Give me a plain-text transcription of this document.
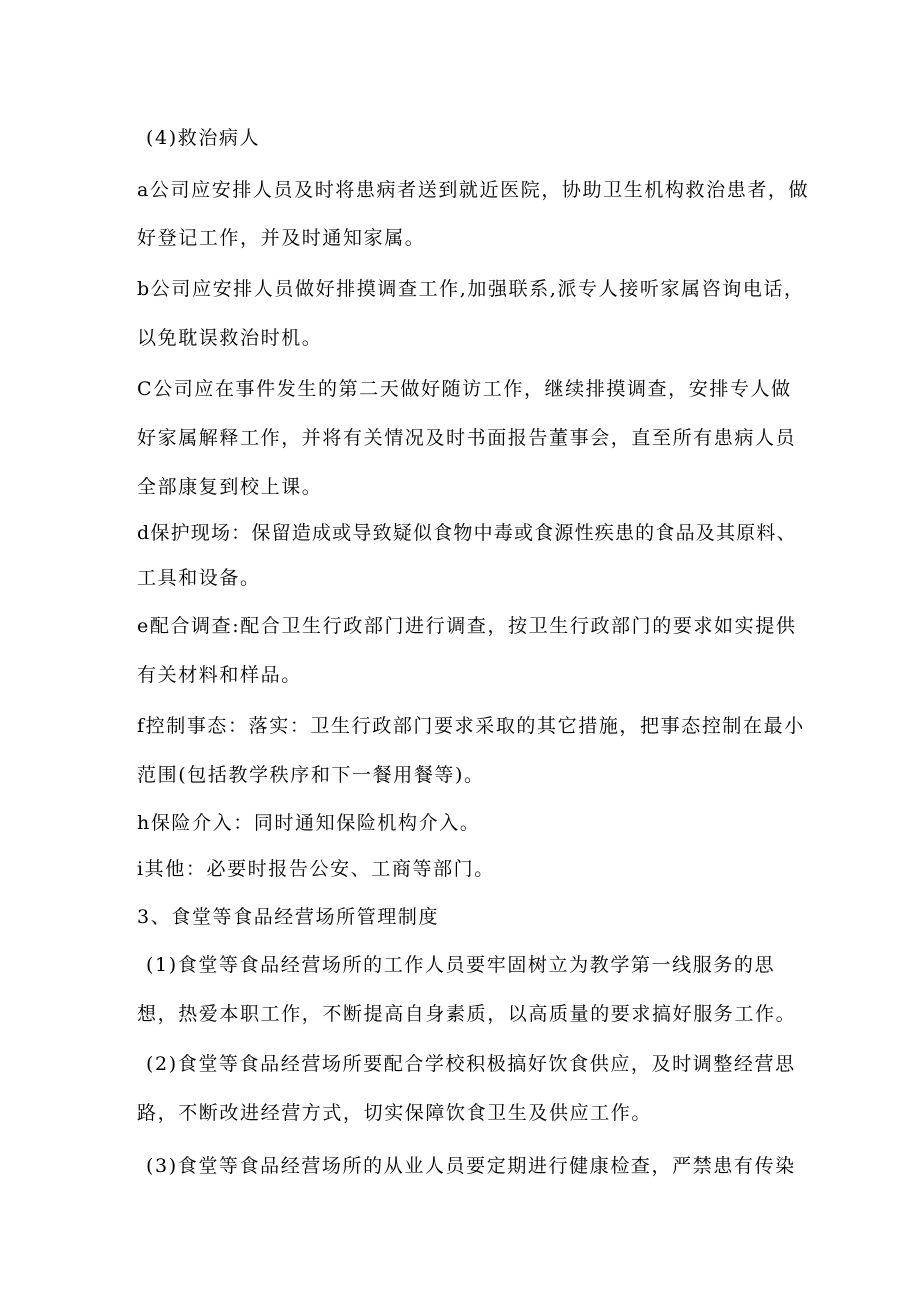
(4)救治病人
a公司应安排人员及时将患病者送到就近医院，协助卫生机构救治患者，做
好登记工作，并及时通知家属。
b公司应安排人员做好排摸调查工作,加强联系,派专人接听家属咨询电话，
以免耽误救治时机。
C公司应在事件发生的第二天做好随访工作，继续排摸调查，安排专人做
好家属解释工作，并将有关情况及时书面报告董事会，直至所有患病人员
全部康复到校上课。
d保护现场：保留造成或导致疑似食物中毒或食源性疾患的食品及其原料、
工具和设备。
e配合调查:配合卫生行政部门进行调查，按卫生行政部门的要求如实提供
有关材料和样品。
f控制事态：落实：卫生行政部门要求采取的其它措施，把事态控制在最小
范围(包括教学秩序和下一餐用餐等)。
h保险介入：同时通知保险机构介入。
i其他：必要时报告公安、工商等部门。
3、食堂等食品经营场所管理制度
(1)食堂等食品经营场所的工作人员要牢固树立为教学第一线服务的思
想，热爱本职工作，不断提高自身素质，以高质量的要求搞好服务工作。
(2)食堂等食品经营场所要配合学校积极搞好饮食供应，及时调整经营思
路，不断改进经营方式，切实保障饮食卫生及供应工作。
(3)食堂等食品经营场所的从业人员要定期进行健康检查，严禁患有传染
